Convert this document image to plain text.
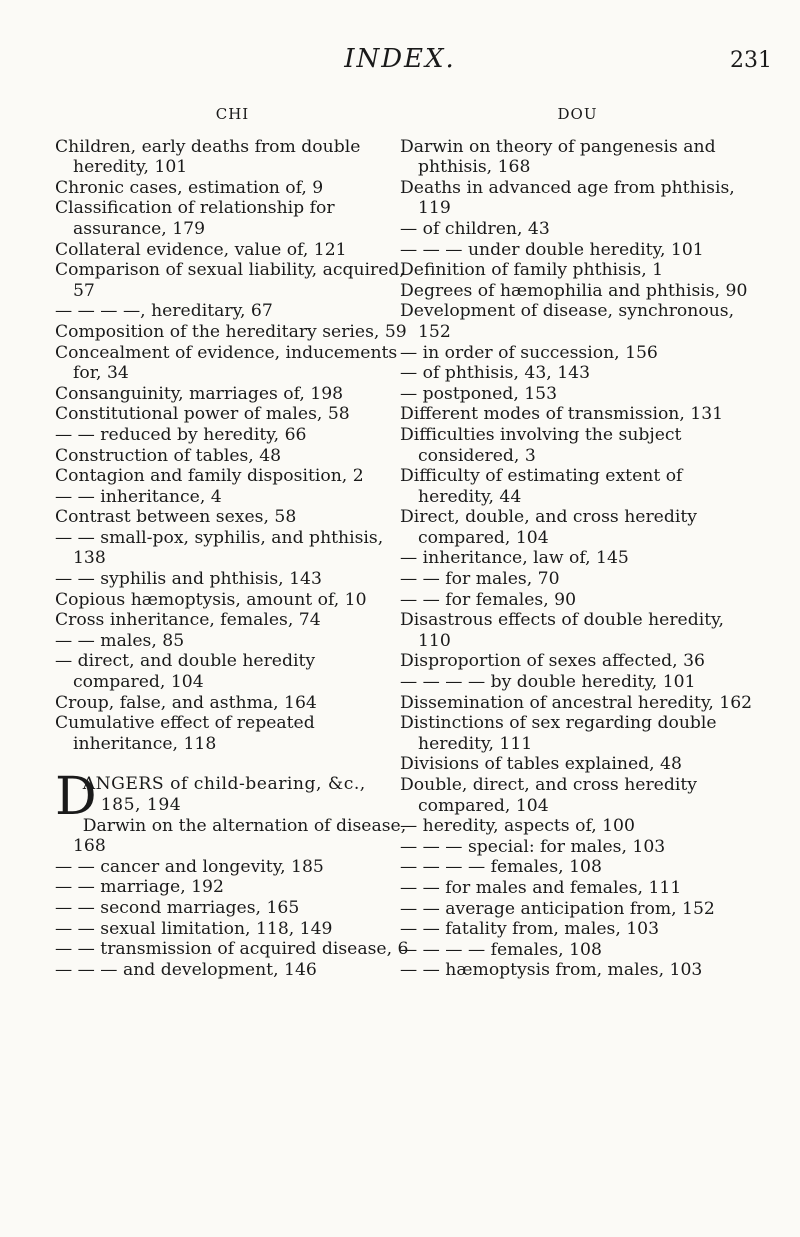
INDEX.	231
CHI

Children, early deaths from double heredity, 101

Chronic cases, estimation of, 9

Classification of relationship for assurance, 179

Collateral evidence, value of, 121

Comparison of sexual liability, acquired, 57

— — — —, hereditary, 67

Composition of the hereditary series, 59

Concealment of evidence, inducements for, 34

Consanguinity, marriages of, 198

Constitutional power of males, 58

— — reduced by heredity, 66

Construction of tables, 48

Contagion and family disposition, 2

— — inheritance, 4

Contrast between sexes, 58

— — small-pox, syphilis, and phthisis, 138

— — syphilis and phthisis, 143

Copious hæmoptysis, amount of, 10

Cross inheritance, females, 74

— — males, 85

— direct, and double heredity compared, 104

Croup, false, and asthma, 164

Cumulative effect of repeated inheritance, 118

D
ANGERS of child-bearing, &c., 185, 194

Darwin on the alternation of disease, 168

— — cancer and longevity, 185

— — marriage, 192

— — second marriages, 165

— — sexual limitation, 118, 149

— — transmission of acquired disease, 6

— — — and development, 146

DOU

Darwin on theory of pangenesis and phthisis, 168

Deaths in advanced age from phthisis, 119

— of children, 43

— — — under double heredity, 101

Definition of family phthisis, 1

Degrees of hæmophilia and phthisis, 90

Development of disease, synchronous, 152

— in order of succession, 156

— of phthisis, 43, 143

— postponed, 153

Different modes of transmission, 131

Difficulties involving the subject considered, 3

Difficulty of estimating extent of heredity, 44

Direct, double, and cross heredity compared, 104

— inheritance, law of, 145

— — for males, 70

— — for females, 90

Disastrous effects of double heredity, 110

Disproportion of sexes affected, 36

— — — — by double heredity, 101

Dissemination of ancestral heredity, 162

Distinctions of sex regarding double heredity, 111

Divisions of tables explained, 48

Double, direct, and cross heredity compared, 104

— heredity, aspects of, 100

— — — special: for males, 103

— — — — females, 108

— — for males and females, 111

— — average anticipation from, 152

— — fatality from, males, 103

— — — — females, 108

— — hæmoptysis from, males, 103
